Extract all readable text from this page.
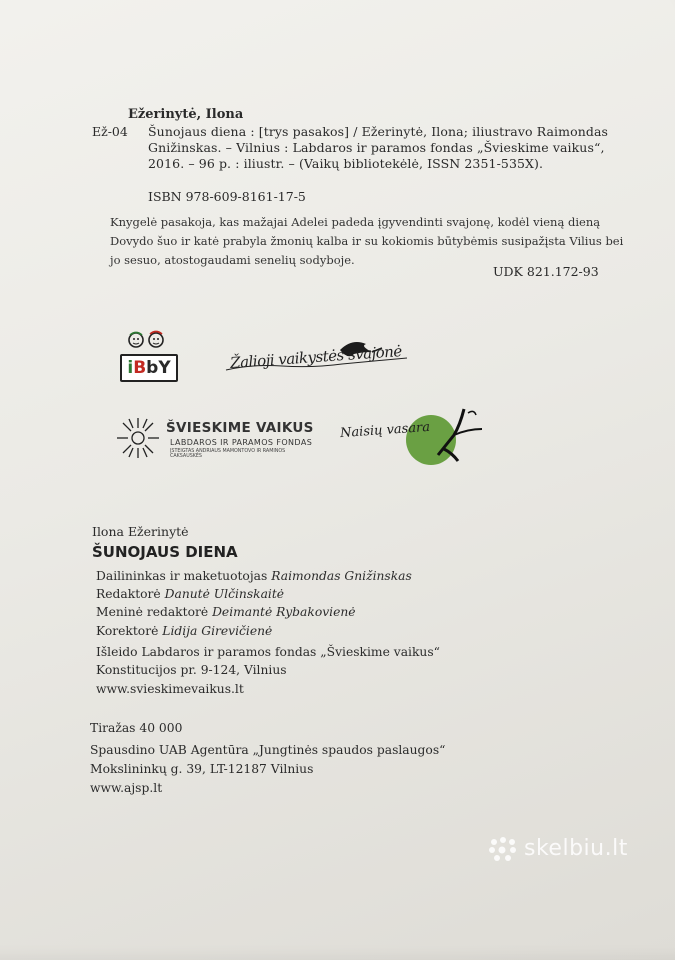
Ežerinytė, Ilona
Ež-04 Šunojaus diena : [trys pasakos] / Ežerinytė, Ilona; iliustravo Raimondas
Gnižinskas. – Vilnius : Labdaros ir paramos fondas „Švieskime vaikus“,
2016. – 96 p. : iliustr. – (Vaikų bibliotekėlė, ISSN 2351-535X).
ISBN 978-609-8161-17-5
Knygelė pasakoja, kas mažajai Adelei padeda įgyvendinti svajonę, kodėl vieną dieną
Dovydo šuo ir katė prabyla žmonių kalba ir su kokiomis būtybėmis susipažįsta Vilius bei
jo sesuo, atostogaudami senelių sodyboje.
UDK 821.172-93
iBbY	Žalioji vaikystės svajonė
ŠVIESKIME VAIKUS
LABDAROS IR PARAMOS FONDAS
ĮSTEIGTAS ANDRIAUS MAMONTOVO IR RAMINOS CAKSAUSKĖS
Naisių vasara
Ilona Ežerinytė
ŠUNOJAUS DIENA
Dailininkas ir maketuotojas Raimondas Gnižinskas
Redaktorė Danutė Ulčinskaitė
Meninė redaktorė Deimantė Rybakovienė
Korektorė Lidija Girevičienė
Išleido Labdaros ir paramos fondas „Švieskime vaikus“
Konstitucijos pr. 9-124, Vilnius
www.svieskimevaikus.lt
Tiražas 40 000
Spausdino UAB Agentūra „Jungtinės spaudos paslaugos“
Mokslininkų g. 39, LT-12187 Vilnius
www.ajsp.lt
skelbiu.lt
